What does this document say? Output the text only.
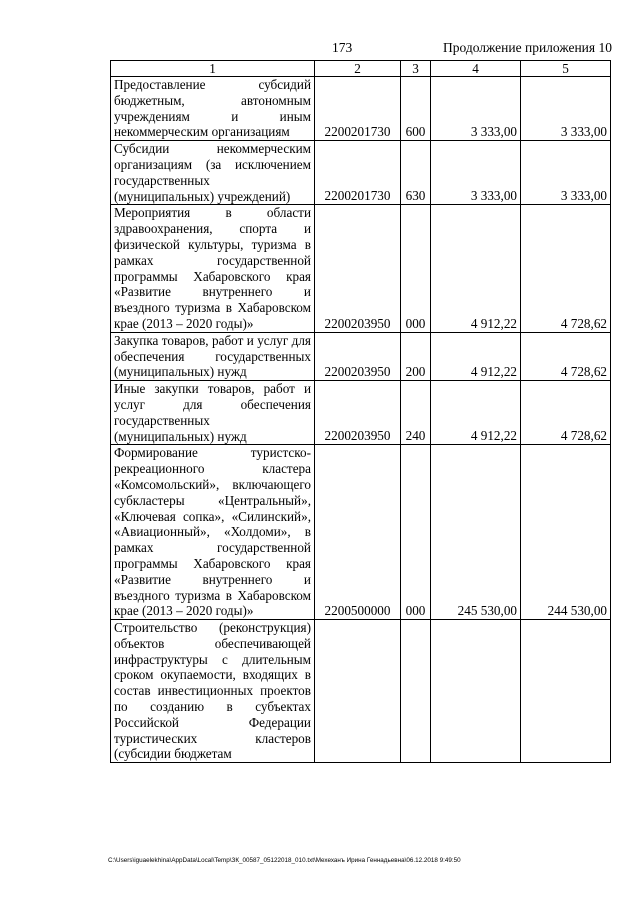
173	Продолжение приложения 10
1	2	3	4	5
Предоставление субсидий бюджетным, автономным учреждениям и иным некоммерческим организациям	2200201730	600	3 333,00	3 333,00
Субсидии некоммерческим организациям (за исключением государственных (муниципальных) учреждений)	2200201730	630	3 333,00	3 333,00
Мероприятия в области здравоохранения, спорта и физической культуры, туризма в рамках государственной программы Хабаровского края «Развитие внутреннего и въездного туризма в Хабаровском крае (2013 – 2020 годы)»	2200203950	000	4 912,22	4 728,62
Закупка товаров, работ и услуг для обеспечения государственных (муниципальных) нужд	2200203950	200	4 912,22	4 728,62
Иные закупки товаров, работ и услуг для обеспечения государственных (муниципальных) нужд	2200203950	240	4 912,22	4 728,62
Формирование туристско-рекреационного кластера «Комсомольский», включающего субкластеры «Центральный», «Ключевая сопка», «Силинский», «Авиационный», «Холдоми», в рамках государственной программы Хабаровского края «Развитие внутреннего и въездного туризма в Хабаровском крае (2013 – 2020 годы)»	2200500000	000	245 530,00	244 530,00
Строительство (реконструкция) объектов обеспечивающей инфраструктуры с длительным сроком окупаемости, входящих в состав инвестиционных проектов по созданию в субъектах Российской Федерации туристических кластеров (субсидии бюджетам				
C:\Users\iguaelekhina\AppData\Local\Temp\ЗК_00587_05122018_010.txt\Мехеханъ Ирина Геннадьевна\06.12.2018 9:49:50
